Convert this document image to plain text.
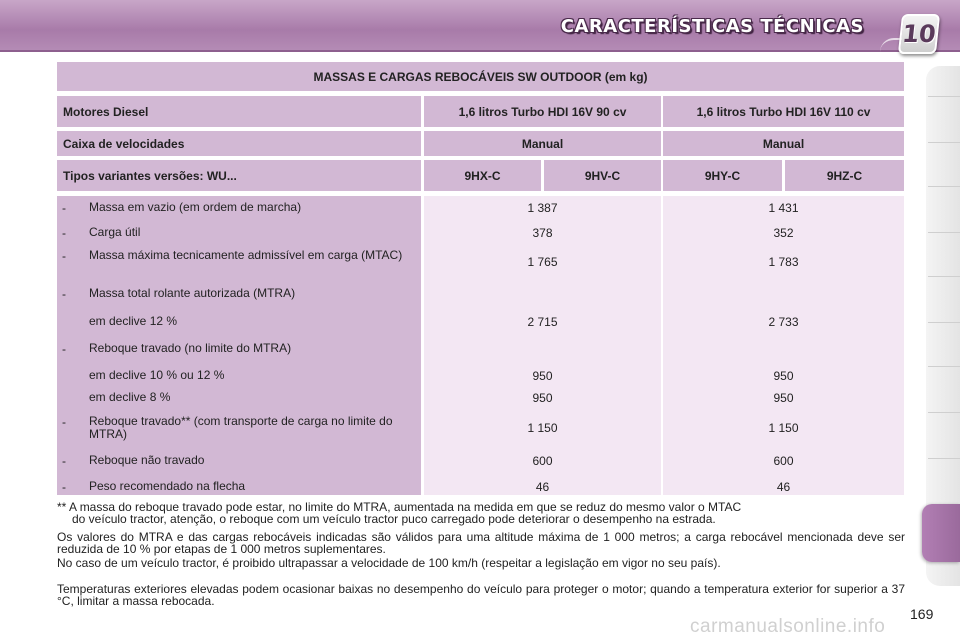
CARACTERÍSTICAS TÉCNICAS 10
MASSAS E CARGAS REBOCÁVEIS SW OUTDOOR (em kg)
Motores Diesel	1,6 litros Turbo HDI 16V 90 cv	1,6 litros Turbo HDI 16V 110 cv
Caixa de velocidades	Manual	Manual
Tipos variantes versões: WU...	9HX-C	9HV-C	9HY-C	9HZ-C
- Massa em vazio (em ordem de marcha)	1 387	1 431
- Carga útil	378	352
- Massa máxima tecnicamente admissível em carga (MTAC)	1 765	1 783
- Massa total rolante autorizada (MTRA)
em declive 12 %	2 715	2 733
- Reboque travado (no limite do MTRA)
em declive 10 % ou 12 %	950	950
em declive 8 %	950	950
- Reboque travado** (com transporte de carga no limite do MTRA)	1 150	1 150
- Reboque não travado	600	600
- Peso recomendado na flecha	46	46
** A massa do reboque travado pode estar, no limite do MTRA, aumentada na medida em que se reduz do mesmo valor o MTAC
do veículo tractor, atenção, o reboque com um veículo tractor puco carregado pode deteriorar o desempenho na estrada.
Os valores do MTRA e das cargas rebocáveis indicadas são válidos para uma altitude máxima de 1 000 metros; a carga rebocável mencionada deve ser reduzida de 10 % por etapas de 1 000 metros suplementares.
No caso de um veículo tractor, é proibido ultrapassar a velocidade de 100 km/h (respeitar a legislação em vigor no seu país).
Temperaturas exteriores elevadas podem ocasionar baixas no desempenho do veículo para proteger o motor; quando a temperatura exterior for superior a 37 °C, limitar a massa rebocada.
carmanualsonline.info
169
